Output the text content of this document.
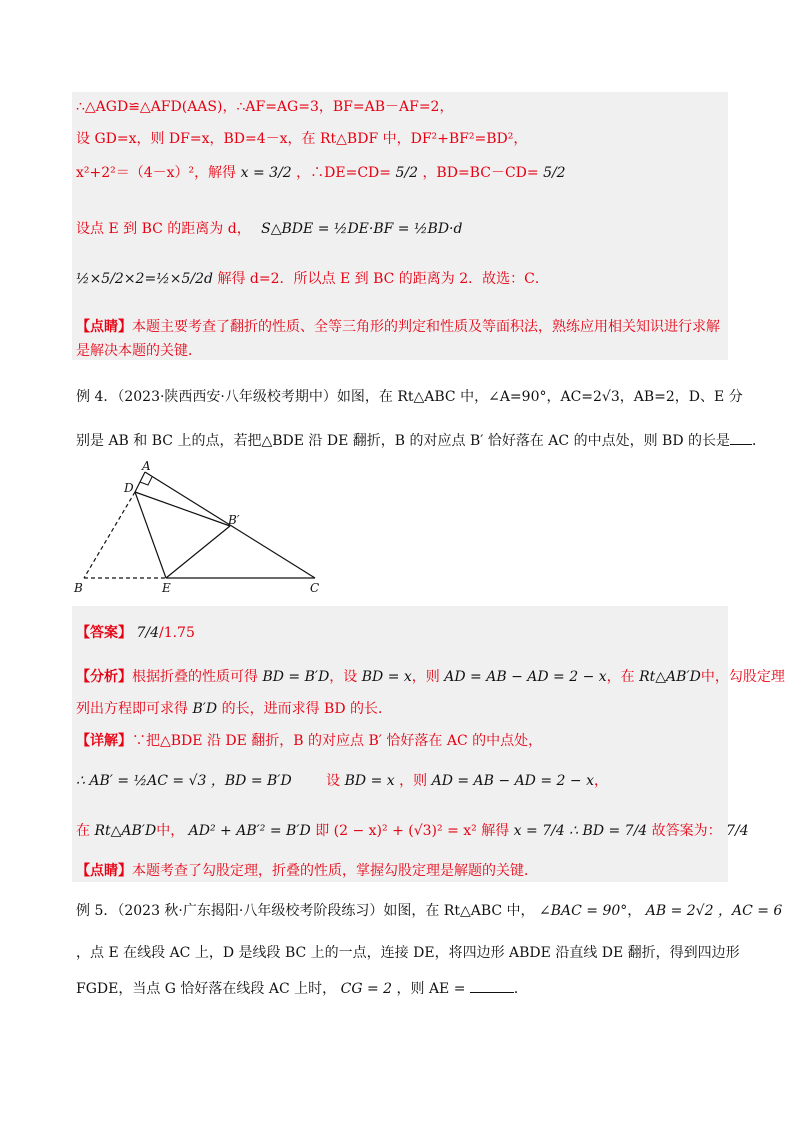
∴△AGD≌△AFD(AAS)，∴AF=AG=3，BF=AB－AF=2，
设 GD=x，则 DF=x，BD=4－x，在 Rt△BDF 中，DF²+BF²=BD²，
x²+2²＝（4－x）²，解得 x = 3/2 ，∴DE=CD= 5/2 ，BD=BC－CD= 5/2
设点 E 到 BC 的距离为 d， S△BDE = ½DE·BF = ½BD·d
½×5/2×2=½×5/2d 解得 d=2．所以点 E 到 BC 的距离为 2．故选：C．
【点睛】本题主要考查了翻折的性质、全等三角形的判定和性质及等面积法，熟练应用相关知识进行求解
是解决本题的关键．
例 4．（2023·陕西西安·八年级校考期中）如图，在 Rt△ABC 中，∠A=90°，AC=2√3，AB=2，D、E 分
别是 AB 和 BC 上的点，若把△BDE 沿 DE 翻折，B 的对应点 B′ 恰好落在 AC 的中点处，则 BD 的长是 ．
A
D
B′
B	E	C
【答案】 7/4/1.75
【分析】根据折叠的性质可得 BD = B′D，设 BD = x，则 AD = AB − AD = 2 − x，在 Rt△AB′D中，勾股定理
列出方程即可求得 B′D 的长，进而求得 BD 的长．
【详解】∵把△BDE 沿 DE 翻折，B 的对应点 B′ 恰好落在 AC 的中点处，
∴ AB′ = ½AC = √3 ，BD = B′D 设 BD = x ，则 AD = AB − AD = 2 − x，
在 Rt△AB′D中， AD² + AB′² = B′D 即 (2 − x)² + (√3)² = x² 解得 x = 7/4 ∴ BD = 7/4 故答案为： 7/4
【点睛】本题考查了勾股定理，折叠的性质，掌握勾股定理是解题的关键．
例 5．（2023 秋·广东揭阳·八年级校考阶段练习）如图，在 Rt△ABC 中， ∠BAC = 90°， AB = 2√2 ，AC = 6
，点 E 在线段 AC 上，D 是线段 BC 上的一点，连接 DE，将四边形 ABDE 沿直线 DE 翻折，得到四边形
FGDE，当点 G 恰好落在线段 AC 上时， CG = 2 ，则 AE =	．
